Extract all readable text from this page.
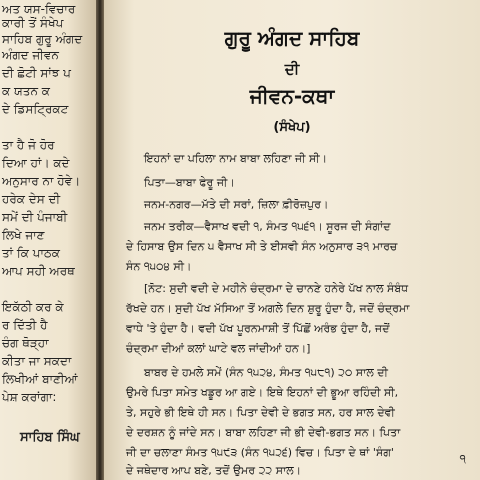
ਅਤ ਯਸ-ਵਿਚਾਰ
ਕਾਰੀ ਤੋਂ ਸੰਖੇਪ
ਸਾਹਿਬ ਗੁਰੂ ਅੰਗਦ
ਅੰਗਦ ਜੀਵਨ
ਦੀ ਛੋਟੀ ਸਾਂਝ ਪ
ਕ ਯਤਨ ਕ
ਦੇ ਡਿਸਟ੍ਰਿਕਟ
ਤਾ ਹੈ ਜੋ ਹੋਰ
ਦਿਆ ਹਾਂ। ਕਦੇ
ਅਨੁਸਾਰ ਨਾ ਹੋਵੇ।
ਹਰੇਕ ਦੇਸ ਦੀ
ਸਮੇਂ ਦੀ ਪੰਜਾਬੀ
ਲਿਖੇ ਜਾਣ
ਤਾਂ ਕਿ ਪਾਠਕ
ਆਪ ਸਹੀ ਅਰਥ
ਇਕੱਠੀ ਕਰ ਕੇ
ਰ ਦਿੱਤੀ ਹੈ
ਚੰਗ ਥੋੜ੍ਹਾ
ਕੀਤਾ ਜਾ ਸਕਦਾ
ਲਿਖੀਆਂ ਬਾਣੀਆਂ
ਪੇਸ਼ ਕਰਾਂਗਾ:
ਸਾਹਿਬ ਸਿੰਘ
ਗੁਰੂ ਅੰਗਦ ਸਾਹਿਬ
ਦੀ
ਜੀਵਨ-ਕਥਾ
(ਸੰਖੇਪ)
ਇਹਨਾਂ ਦਾ ਪਹਿਲਾ ਨਾਮ ਬਾਬਾ ਲਹਿਣਾ ਜੀ ਸੀ।
ਪਿਤਾ—ਬਾਬਾ ਫੇਰੂ ਜੀ।
ਜਨਮ-ਨਗਰ—ਮੱਤੇ ਦੀ ਸਰਾਂ, ਜ਼ਿਲਾ ਫ਼ੀਰੋਜ਼ਪੁਰ।
ਜਨਮ ਤਰੀਕ—ਵੈਸਾਖ ਵਦੀ ੧, ਸੰਮਤ ੧੫੬੧। ਸੂਰਜ ਦੀ ਸੰਗਾਂਦ
ਦੇ ਹਿਸਾਬ ਉਸ ਦਿਨ ੫ ਵੈਸਾਖ ਸੀ ਤੇ ਈਸਵੀ ਸੰਨ ਅਨੁਸਾਰ ੩੧ ਮਾਰਚ
ਸੰਨ ੧੫੦੪ ਸੀ।
[ਨੋਟ: ਸੁਦੀ ਵਦੀ ਦੇ ਮਹੀਨੇ ਚੰਦ੍ਰਮਾ ਦੇ ਚਾਨਣੇ ਹਨੇਰੇ ਪੱਖ ਨਾਲ ਸੰਬੰਧ
ਰੱਖਦੇ ਹਨ। ਸੁਦੀ ਪੱਖ ਮੱਸਿਆ ਤੋਂ ਅਗਲੇ ਦਿਨ ਸ਼ੁਰੂ ਹੁੰਦਾ ਹੈ, ਜਦੋਂ ਚੰਦ੍ਰਮਾ
ਵਾਧੇ 'ਤੇ ਹੁੰਦਾ ਹੈ। ਵਦੀ ਪੱਖ ਪੂਰਨਮਾਸ਼ੀ ਤੋਂ ਪਿੱਛੋਂ ਅਰੰਭ ਹੁੰਦਾ ਹੈ, ਜਦੋਂ
ਚੰਦ੍ਰਮਾ ਦੀਆਂ ਕਲਾਂ ਘਾਟੇ ਵਲ ਜਾਂਦੀਆਂ ਹਨ।]
ਬਾਬਰ ਦੇ ਹਮਲੇ ਸਮੇਂ (ਸੰਨ ੧੫੨੪, ਸੰਮਤ ੧੫੮੧) ੨੦ ਸਾਲ ਦੀ
ਉਮਰੇ ਪਿਤਾ ਸਮੇਤ ਖਡੂਰ ਆ ਗਏ। ਇਥੇ ਇਹਨਾਂ ਦੀ ਭੂਆ ਰਹਿੰਦੀ ਸੀ,
ਤੇ, ਸਹੁਰੇ ਭੀ ਇਥੇ ਹੀ ਸਨ। ਪਿਤਾ ਦੇਵੀ ਦੇ ਭਗਤ ਸਨ, ਹਰ ਸਾਲ ਦੇਵੀ
ਦੇ ਦਰਸ਼ਨ ਨੂੰ ਜਾਂਦੇ ਸਨ। ਬਾਬਾ ਲਹਿਣਾ ਜੀ ਭੀ ਦੇਵੀ-ਭਗਤ ਸਨ। ਪਿਤਾ
ਜੀ ਦਾ ਚਲਾਣਾ ਸੰਮਤ ੧੫੯੩ (ਸੰਨ ੧੫੨੬) ਵਿਚ। ਪਿਤਾ ਦੇ ਥਾਂ 'ਸੰਗ'
ਦੇ ਜਥੇਦਾਰ ਆਪ ਬਣੇ, ਤਦੋਂ ਉਮਰ ੨੨ ਸਾਲ।
੧
